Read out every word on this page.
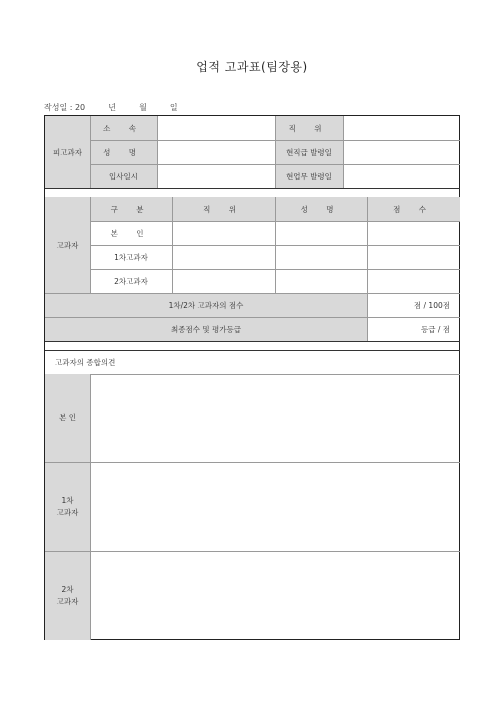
업적 고과표(팀장용)
작성일 : 20	년	월	일
피고과자
소 속	직 위
성 명	현직급 발령일
입사일시	현업무 발령일
고과자
구 분	직 위	성 명	점 수
본 인
1차고과자
2차고과자
1차/2차 고과자의 점수	점 / 100점
최종점수 및 평가등급	등급 / 점
고과자의 종합의견
본 인
1차
고과자
2차
고과자
